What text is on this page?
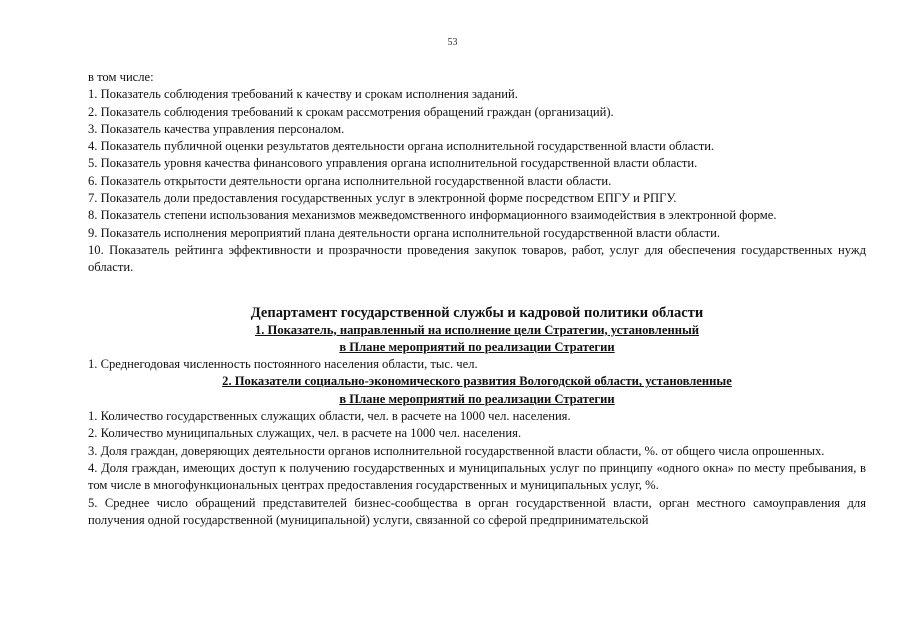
53

в том числе:

1. Показатель соблюдения требований к качеству и срокам исполнения заданий.

2. Показатель соблюдения требований к срокам рассмотрения обращений граждан (организаций).

3. Показатель качества управления персоналом.

4. Показатель публичной оценки результатов деятельности органа исполнительной государственной власти области.

5. Показатель уровня качества финансового управления органа исполнительной государственной власти области.

6. Показатель открытости деятельности органа исполнительной государственной власти области.

7. Показатель доли предоставления государственных услуг в электронной форме посредством ЕПГУ и РПГУ.

8. Показатель степени использования механизмов межведомственного информационного взаимодействия в электронной форме.

9. Показатель исполнения мероприятий плана деятельности органа исполнительной государственной власти области.

10. Показатель рейтинга эффективности и прозрачности проведения закупок товаров, работ, услуг для обеспечения государственных нужд области.

Департамент государственной службы и кадровой политики области

1. Показатель, направленный на исполнение цели Стратегии, установленный

в Плане мероприятий по реализации Стратегии

1. Среднегодовая численность постоянного населения области, тыс. чел.

2. Показатели социально-экономического развития Вологодской области, установленные

в Плане мероприятий по реализации Стратегии

1. Количество государственных служащих области, чел. в расчете на 1000 чел. населения.

2. Количество муниципальных служащих, чел. в расчете на 1000 чел. населения.

3. Доля граждан, доверяющих деятельности органов исполнительной государственной власти области, %. от общего числа опрошенных.

4. Доля граждан, имеющих доступ к получению государственных и муниципальных услуг по принципу «одного окна» по месту пребывания, в том числе в многофункциональных центрах предоставления государственных и муниципальных услуг, %.

5. Среднее число обращений представителей бизнес-сообщества в орган государственной власти, орган местного самоуправления для получения одной государственной (муниципальной) услуги, связанной со сферой предпринимательской
